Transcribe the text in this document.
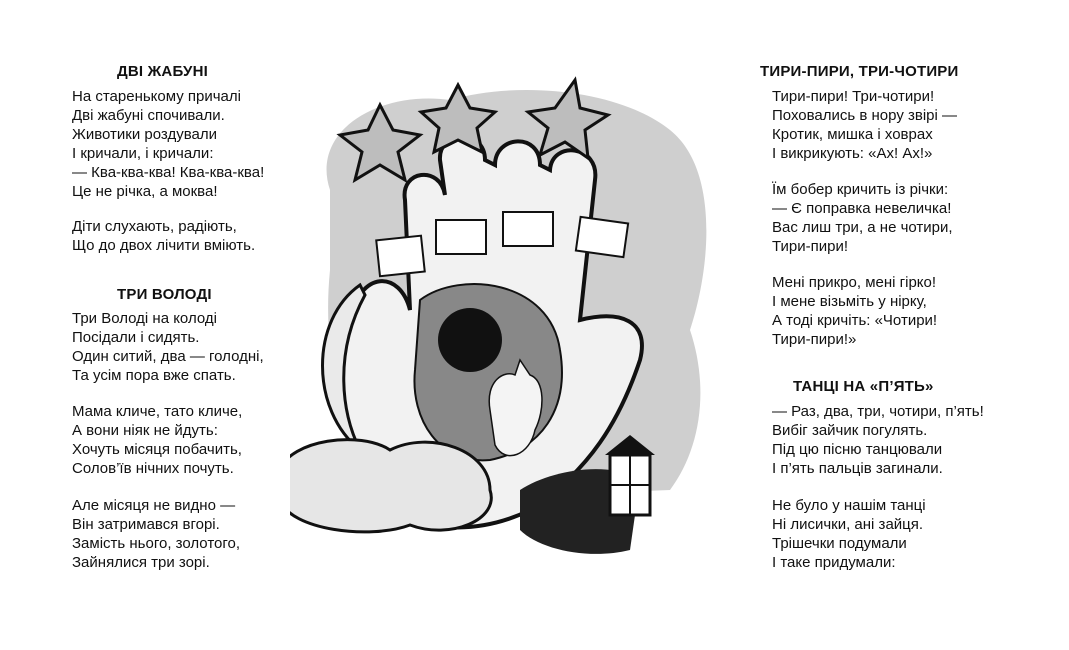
ДВІ ЖАБУНІ
На старенькому причалі
Дві жабуні спочивали.
Животики роздували
І кричали, і кричали:
— Ква-ква-ква! Ква-ква-ква!
Це не річка, а моква!
Діти слухають, радіють,
Що до двох лічити вміють.
ТРИ ВОЛОДІ
Три Володі на колоді
Посідали і сидять.
Один ситий, два — голодні,
Та усім пора вже спать.
Мама кличе, тато кличе,
А вони ніяк не йдуть:
Хочуть місяця побачить,
Солов’їв нічних почуть.
Але місяця не видно —
Він затримався вгорі.
Замість нього, золотого,
Зайнялися три зорі.
ТИРИ-ПИРИ, ТРИ-ЧОТИРИ
Тири-пири! Три-чотири!
Поховались в нору звірі —
Кротик, мишка і ховрах
І викрикують: «Ах! Ах!»
Їм бобер кричить із річки:
— Є поправка невеличка!
Вас лиш три, а не чотири,
Тири-пири!
Мені прикро, мені гірко!
І мене візьміть у нірку,
А тоді кричіть: «Чотири!
Тири-пири!»
ТАНЦІ НА «П’ЯТЬ»
— Раз, два, три, чотири, п’ять!
Вибіг зайчик погулять.
Під цю пісню танцювали
І п’ять пальців загинали.
Не було у нашім танці
Ні лисички, ані зайця.
Трішечки подумали
І таке придумали:
